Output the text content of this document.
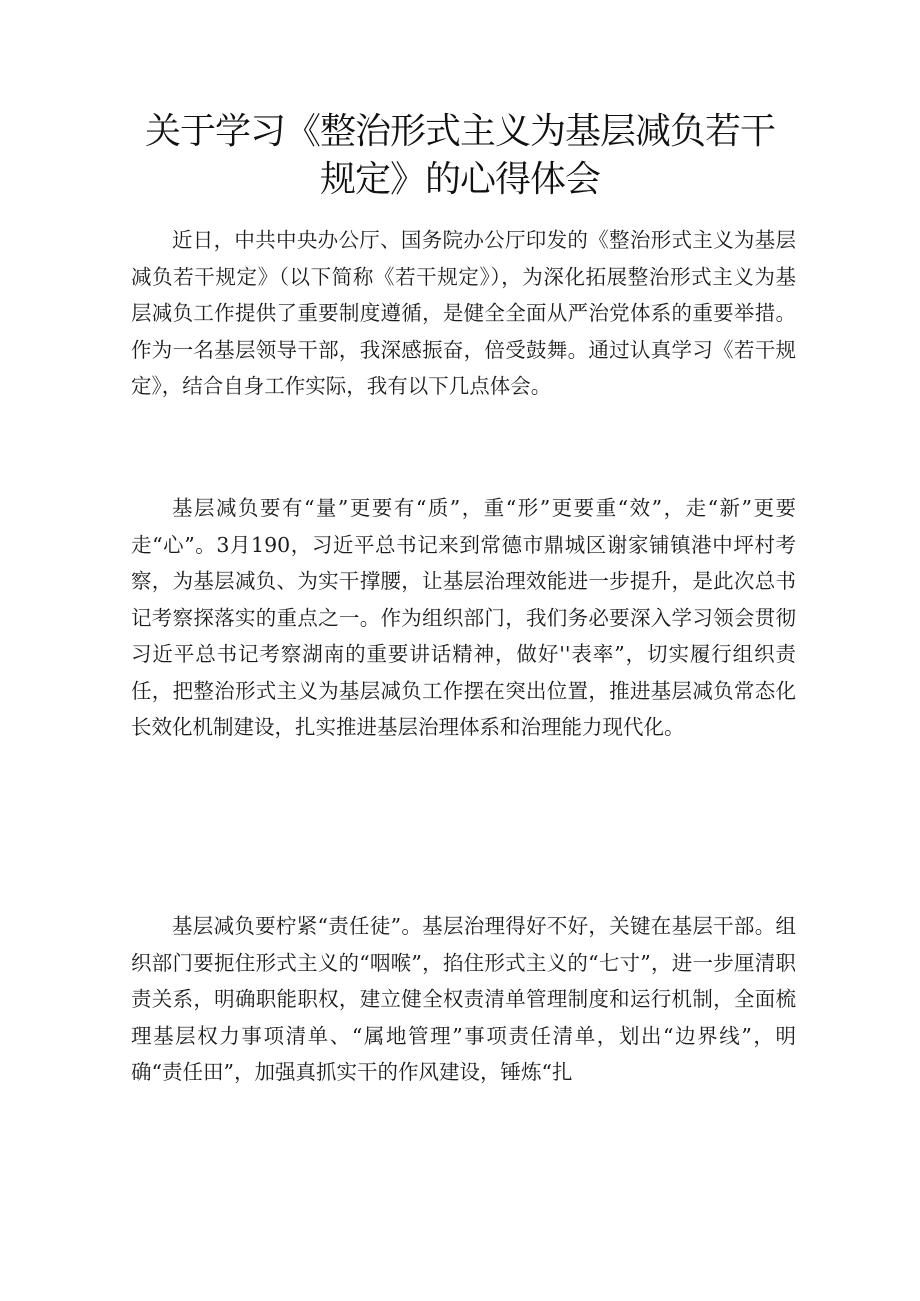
关于学习《整治形式主义为基层减负若干
规定》的心得体会

近日，中共中央办公厅、国务院办公厅印发的《整治形式主义为基层减负若干规定》（以下简称《若干规定》），为深化拓展整治形式主义为基层减负工作提供了重要制度遵循，是健全全面从严治党体系的重要举措。作为一名基层领导干部，我深感振奋，倍受鼓舞。通过认真学习《若干规定》，结合自身工作实际，我有以下几点体会。

基层减负要有“量”更要有“质”，重“形”更要重“效”，走“新”更要走“心”。3月190，习近平总书记来到常德市鼎城区谢家铺镇港中坪村考察，为基层减负、为实干撑腰，让基层治理效能进一步提升，是此次总书记考察探落实的重点之一。作为组织部门，我们务必要深入学习领会贯彻习近平总书记考察湖南的重要讲话精神，做好''表率”，切实履行组织责任，把整治形式主义为基层减负工作摆在突出位置，推进基层减负常态化长效化机制建设，扎实推进基层治理体系和治理能力现代化。

基层减负要柠紧“责任徒”。基层治理得好不好，关键在基层干部。组织部门要扼住形式主义的“咽喉”，掐住形式主义的“七寸”，进一步厘清职责关系，明确职能职权，建立健全权责清单管理制度和运行机制，全面梳理基层权力事项清单、“属地管理”事项责任清单，划出“边界线”，明确“责任田”，加强真抓实干的作风建设，锤炼“扎
